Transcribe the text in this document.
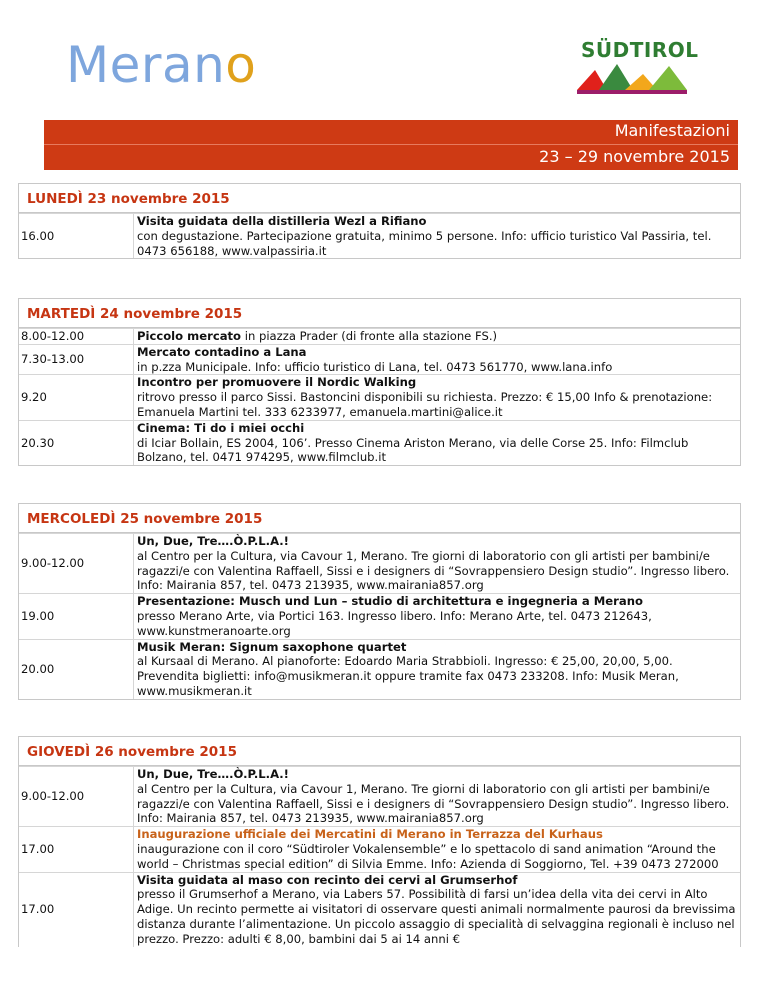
Merano	SÜDTIROL
Manifestazioni
23 – 29 novembre 2015
LUNEDÌ 23 novembre 2015
16.00
Visita guidata della distilleria Wezl a Rifiano
con degustazione. Partecipazione gratuita, minimo 5 persone. Info: ufficio turistico Val Passiria, tel. 0473 656188, www.valpassiria.it
MARTEDÌ 24 novembre 2015
8.00-12.00	Piccolo mercato in piazza Prader (di fronte alla stazione FS.)
7.30-13.00
Mercato contadino a Lana
in p.zza Municipale. Info: ufficio turistico di Lana, tel. 0473 561770, www.lana.info
9.20
Incontro per promuovere il Nordic Walking
ritrovo presso il parco Sissi. Bastoncini disponibili su richiesta. Prezzo: € 15,00 Info & prenotazione: Emanuela Martini tel. 333 6233977, emanuela.martini@alice.it
20.30
Cinema: Ti do i miei occhi
di Iciar Bollain, ES 2004, 106’. Presso Cinema Ariston Merano, via delle Corse 25. Info: Filmclub Bolzano, tel. 0471 974295, www.filmclub.it
MERCOLEDÌ 25 novembre 2015
9.00-12.00
Un, Due, Tre….Ò.P.L.A.!
al Centro per la Cultura, via Cavour 1, Merano. Tre giorni di laboratorio con gli artisti per bambini/e ragazzi/e con Valentina Raffaell, Sissi e i designers di “Sovrappensiero Design studio”. Ingresso libero. Info: Mairania 857, tel. 0473 213935, www.mairania857.org
19.00
Presentazione: Musch und Lun – studio di architettura e ingegneria a Merano
presso Merano Arte, via Portici 163. Ingresso libero. Info: Merano Arte, tel. 0473 212643, www.kunstmeranoarte.org
20.00
Musik Meran: Signum saxophone quartet
al Kursaal di Merano. Al pianoforte: Edoardo Maria Strabbioli. Ingresso: € 25,00, 20,00, 5,00. Prevendita biglietti: info@musikmeran.it oppure tramite fax 0473 233208. Info: Musik Meran, www.musikmeran.it
GIOVEDÌ 26 novembre 2015
9.00-12.00
Un, Due, Tre….Ò.P.L.A.!
al Centro per la Cultura, via Cavour 1, Merano. Tre giorni di laboratorio con gli artisti per bambini/e ragazzi/e con Valentina Raffaell, Sissi e i designers di “Sovrappensiero Design studio”. Ingresso libero. Info: Mairania 857, tel. 0473 213935, www.mairania857.org
17.00
Inaugurazione ufficiale dei Mercatini di Merano in Terrazza del Kurhaus
inaugurazione con il coro “Südtiroler Vokalensemble” e lo spettacolo di sand animation “Around the world – Christmas special edition” di Silvia Emme. Info: Azienda di Soggiorno, Tel. +39 0473 272000
17.00
Visita guidata al maso con recinto dei cervi al Grumserhof
presso il Grumserhof a Merano, via Labers 57. Possibilità di farsi un’idea della vita dei cervi in Alto Adige. Un recinto permette ai visitatori di osservare questi animali normalmente paurosi da brevissima distanza durante l’alimentazione. Un piccolo assaggio di specialità di selvaggina regionali è incluso nel prezzo. Prezzo: adulti € 8,00, bambini dai 5 ai 14 anni €
